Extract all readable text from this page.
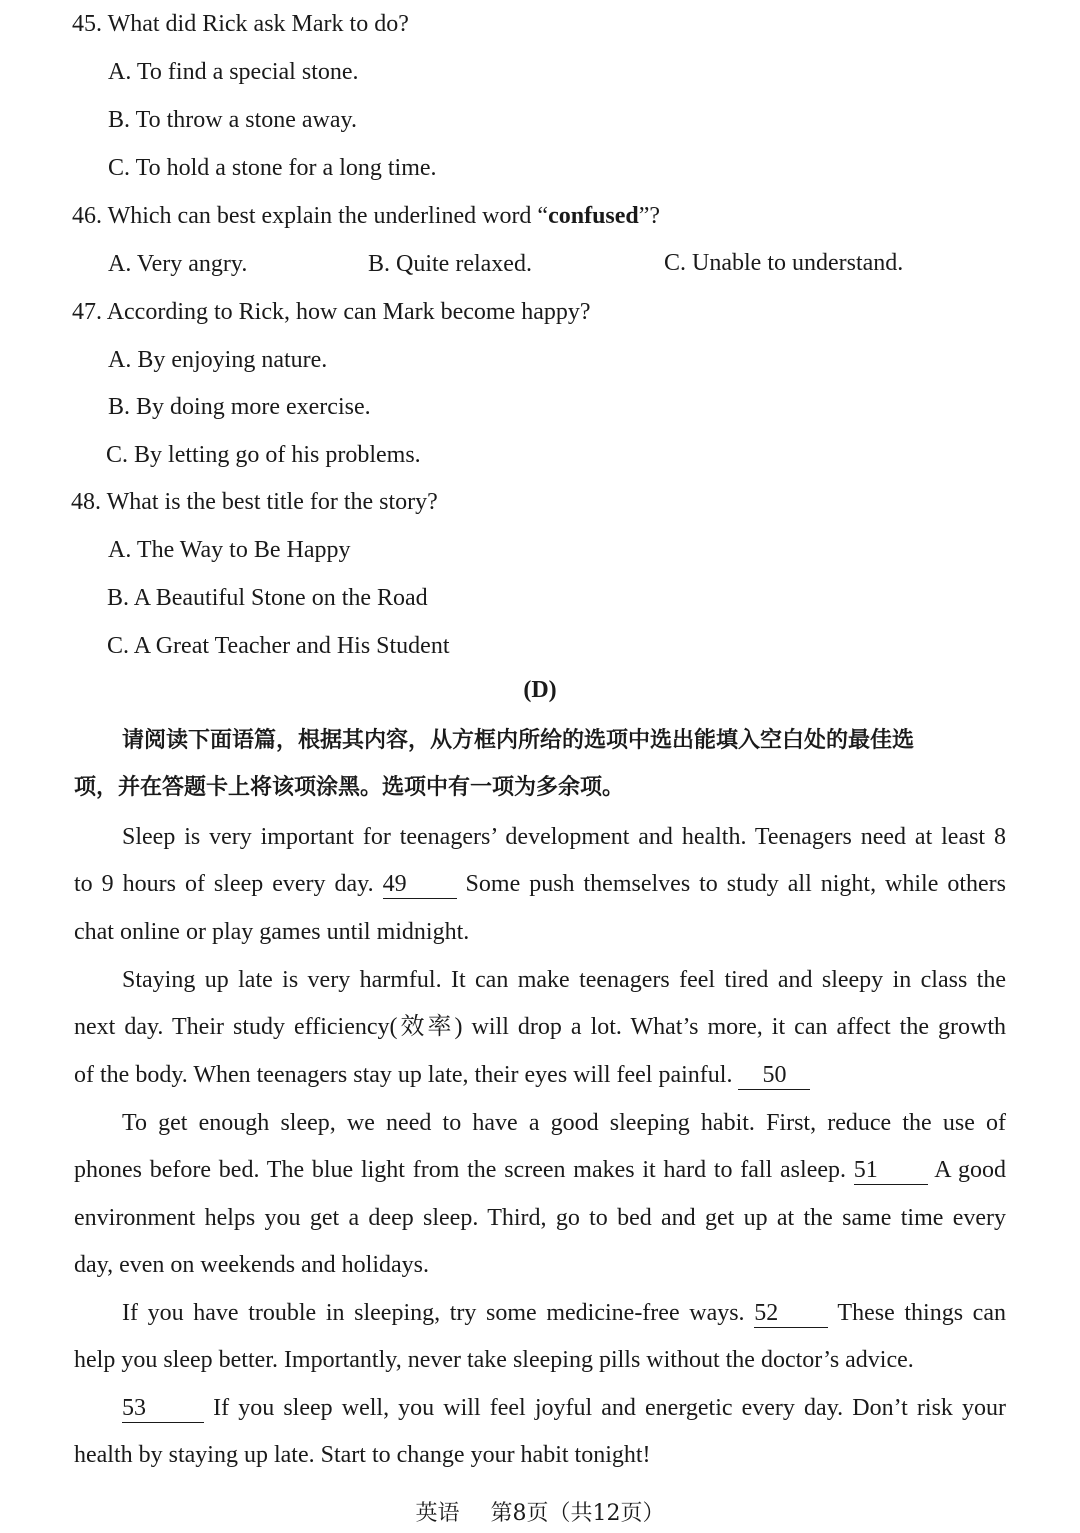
45. What did Rick ask Mark to do?
A. To find a special stone.
B. To throw a stone away.
C. To hold a stone for a long time.
46. Which can best explain the underlined word “confused”?
A. Very angry.	B. Quite relaxed.	C. Unable to understand.
47. According to Rick, how can Mark become happy?
A. By enjoying nature.
B. By doing more exercise.
C. By letting go of his problems.
48. What is the best title for the story?
A. The Way to Be Happy
B. A Beautiful Stone on the Road
C. A Great Teacher and His Student
(D)
请阅读下面语篇，根据其内容，从方框内所给的选项中选出能填入空白处的最佳选
项，并在答题卡上将该项涂黑。选项中有一项为多余项。
Sleep is very important for teenagers’ development and health. Teenagers need at least 8
to 9 hours of sleep every day. 49 Some push themselves to study all night, while others
chat online or play games until midnight.
Staying up late is very harmful. It can make teenagers feel tired and sleepy in class the
next day. Their study efficiency(效率) will drop a lot. What’s more, it can affect the growth
of the body. When teenagers stay up late, their eyes will feel painful. 50
To get enough sleep, we need to have a good sleeping habit. First, reduce the use of
phones before bed. The blue light from the screen makes it hard to fall asleep. 51 A good
environment helps you get a deep sleep. Third, go to bed and get up at the same time every
day, even on weekends and holidays.
If you have trouble in sleeping, try some medicine-free ways. 52 These things can
help you sleep better. Importantly, never take sleeping pills without the doctor’s advice.
53	If you sleep well, you will feel joyful and energetic every day. Don’t risk your
health by staying up late. Start to change your habit tonight!
英语 第8页（共12页）
